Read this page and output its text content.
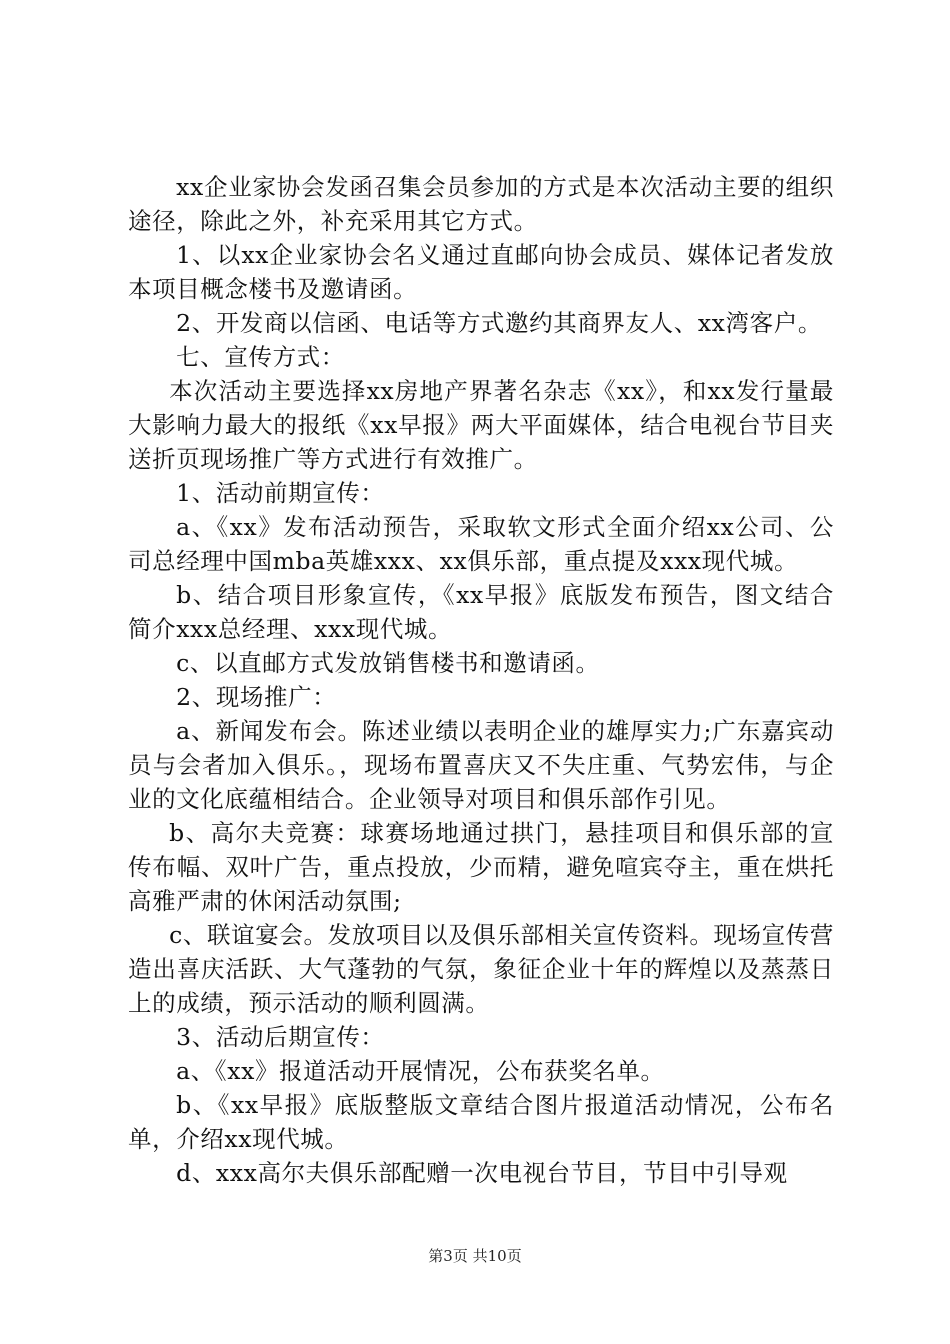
xx企业家协会发函召集会员参加的方式是本次活动主要的组织途径，除此之外，补充采用其它方式。

1、以xx企业家协会名义通过直邮向协会成员、媒体记者发放本项目概念楼书及邀请函。

2、开发商以信函、电话等方式邀约其商界友人、xx湾客户。

七、宣传方式：

本次活动主要选择xx房地产界著名杂志《xx》，和xx发行量最大影响力最大的报纸《xx早报》两大平面媒体，结合电视台节目夹送折页现场推广等方式进行有效推广。

1、活动前期宣传：

a、《xx》发布活动预告，采取软文形式全面介绍xx公司、公司总经理中国mba英雄xxx、xx俱乐部，重点提及xxx现代城。

b、结合项目形象宣传，《xx早报》底版发布预告，图文结合简介xxx总经理、xxx现代城。

c、以直邮方式发放销售楼书和邀请函。

2、现场推广：

a、新闻发布会。陈述业绩以表明企业的雄厚实力;广东嘉宾动员与会者加入俱乐。，现场布置喜庆又不失庄重、气势宏伟，与企业的文化底蕴相结合。企业领导对项目和俱乐部作引见。

b、高尔夫竞赛：球赛场地通过拱门，悬挂项目和俱乐部的宣传布幅、双叶广告，重点投放，少而精，避免喧宾夺主，重在烘托高雅严肃的休闲活动氛围;

c、联谊宴会。发放项目以及俱乐部相关宣传资料。现场宣传营造出喜庆活跃、大气蓬勃的气氛，象征企业十年的辉煌以及蒸蒸日上的成绩，预示活动的顺利圆满。

3、活动后期宣传：

a、《xx》报道活动开展情况，公布获奖名单。

b、《xx早报》底版整版文章结合图片报道活动情况，公布名单，介绍xx现代城。

d、xxx高尔夫俱乐部配赠一次电视台节目，节目中引导观

第3页 共10页
